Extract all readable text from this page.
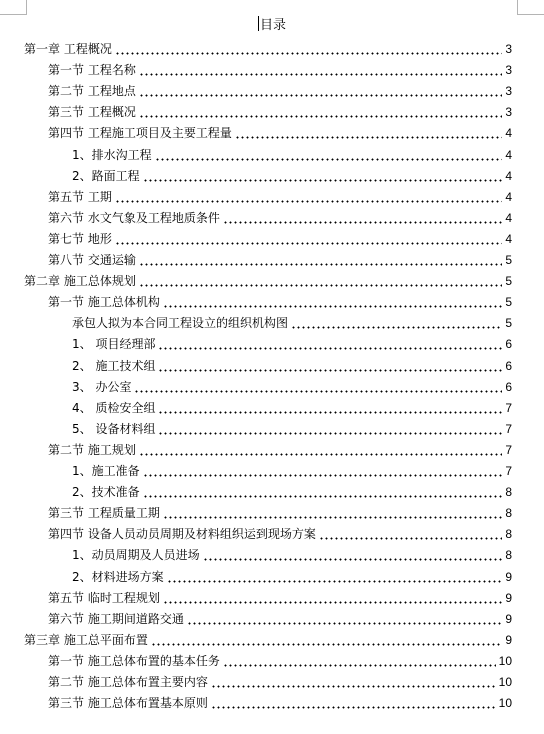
目录
第一章 工程概况	3
第一节 工程名称	3
第二节 工程地点	3
第三节 工程概况	3
第四节 工程施工项目及主要工程量	4
1、排水沟工程	4
2、路面工程	4
第五节 工期	4
第六节 水文气象及工程地质条件	4
第七节 地形	4
第八节 交通运输	5
第二章 施工总体规划	5
第一节 施工总体机构	5
承包人拟为本合同工程设立的组织机构图	5
1、 项目经理部	6
2、 施工技术组	6
3、 办公室	6
4、 质检安全组	7
5、 设备材料组	7
第二节 施工规划	7
1、施工准备	7
2、技术准备	8
第三节 工程质量工期	8
第四节 设备人员动员周期及材料组织运到现场方案	8
1、动员周期及人员进场	8
2、材料进场方案	9
第五节 临时工程规划	9
第六节 施工期间道路交通	9
第三章 施工总平面布置	9
第一节 施工总体布置的基本任务	10
第二节 施工总体布置主要内容	10
第三节 施工总体布置基本原则	10
